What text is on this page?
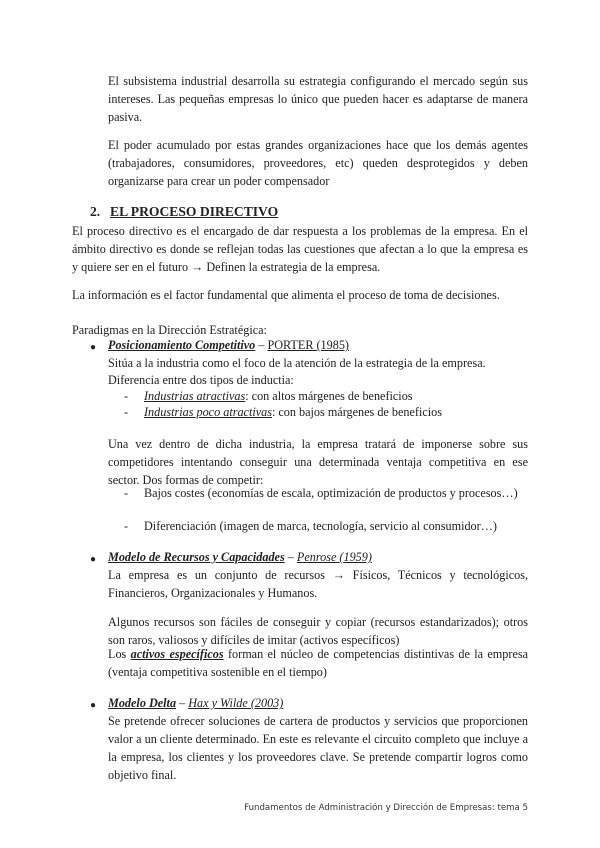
El subsistema industrial desarrolla su estrategia configurando el mercado según sus intereses. Las pequeñas empresas lo único que pueden hacer es adaptarse de manera pasiva.

El poder acumulado por estas grandes organizaciones hace que los demás agentes (trabajadores, consumidores, proveedores, etc) queden desprotegidos y deben organizarse para crear un poder compensador

2. EL PROCESO DIRECTIVO

El proceso directivo es el encargado de dar respuesta a los problemas de la empresa. En el ámbito directivo es donde se reflejan todas las cuestiones que afectan a lo que la empresa es y quiere ser en el futuro → Definen la estrategia de la empresa.

La información es el factor fundamental que alimenta el proceso de toma de decisiones.

Paradigmas en la Dirección Estratégica:

● Posicionamiento Competitivo – PORTER (1985)

Sitúa a la industria como el foco de la atención de la estrategia de la empresa.

Diferencia entre dos tipos de inductia:

- Industrias atractivas: con altos márgenes de beneficios

- Industrias poco atractivas: con bajos márgenes de beneficios

Una vez dentro de dicha industria, la empresa tratará de imponerse sobre sus competidores intentando conseguir una determinada ventaja competitiva en ese sector. Dos formas de competir:

- Bajos costes (economías de escala, optimización de productos y procesos…)

- Diferenciación (imagen de marca, tecnología, servicio al consumidor…)

● Modelo de Recursos y Capacidades – Penrose (1959)

La empresa es un conjunto de recursos → Físicos, Técnicos y tecnológicos, Financieros, Organizacionales y Humanos.

Algunos recursos son fáciles de conseguir y copiar (recursos estandarizados); otros son raros, valiosos y difíciles de imitar (activos específicos)

Los activos específicos forman el núcleo de competencias distintivas de la empresa (ventaja competitiva sostenible en el tiempo)

● Modelo Delta – Hax y Wilde (2003)

Se pretende ofrecer soluciones de cartera de productos y servicios que proporcionen valor a un cliente determinado. En este es relevante el circuito completo que incluye a la empresa, los clientes y los proveedores clave. Se pretende compartir logros como objetivo final.

Fundamentos de Administración y Dirección de Empresas: tema 5
